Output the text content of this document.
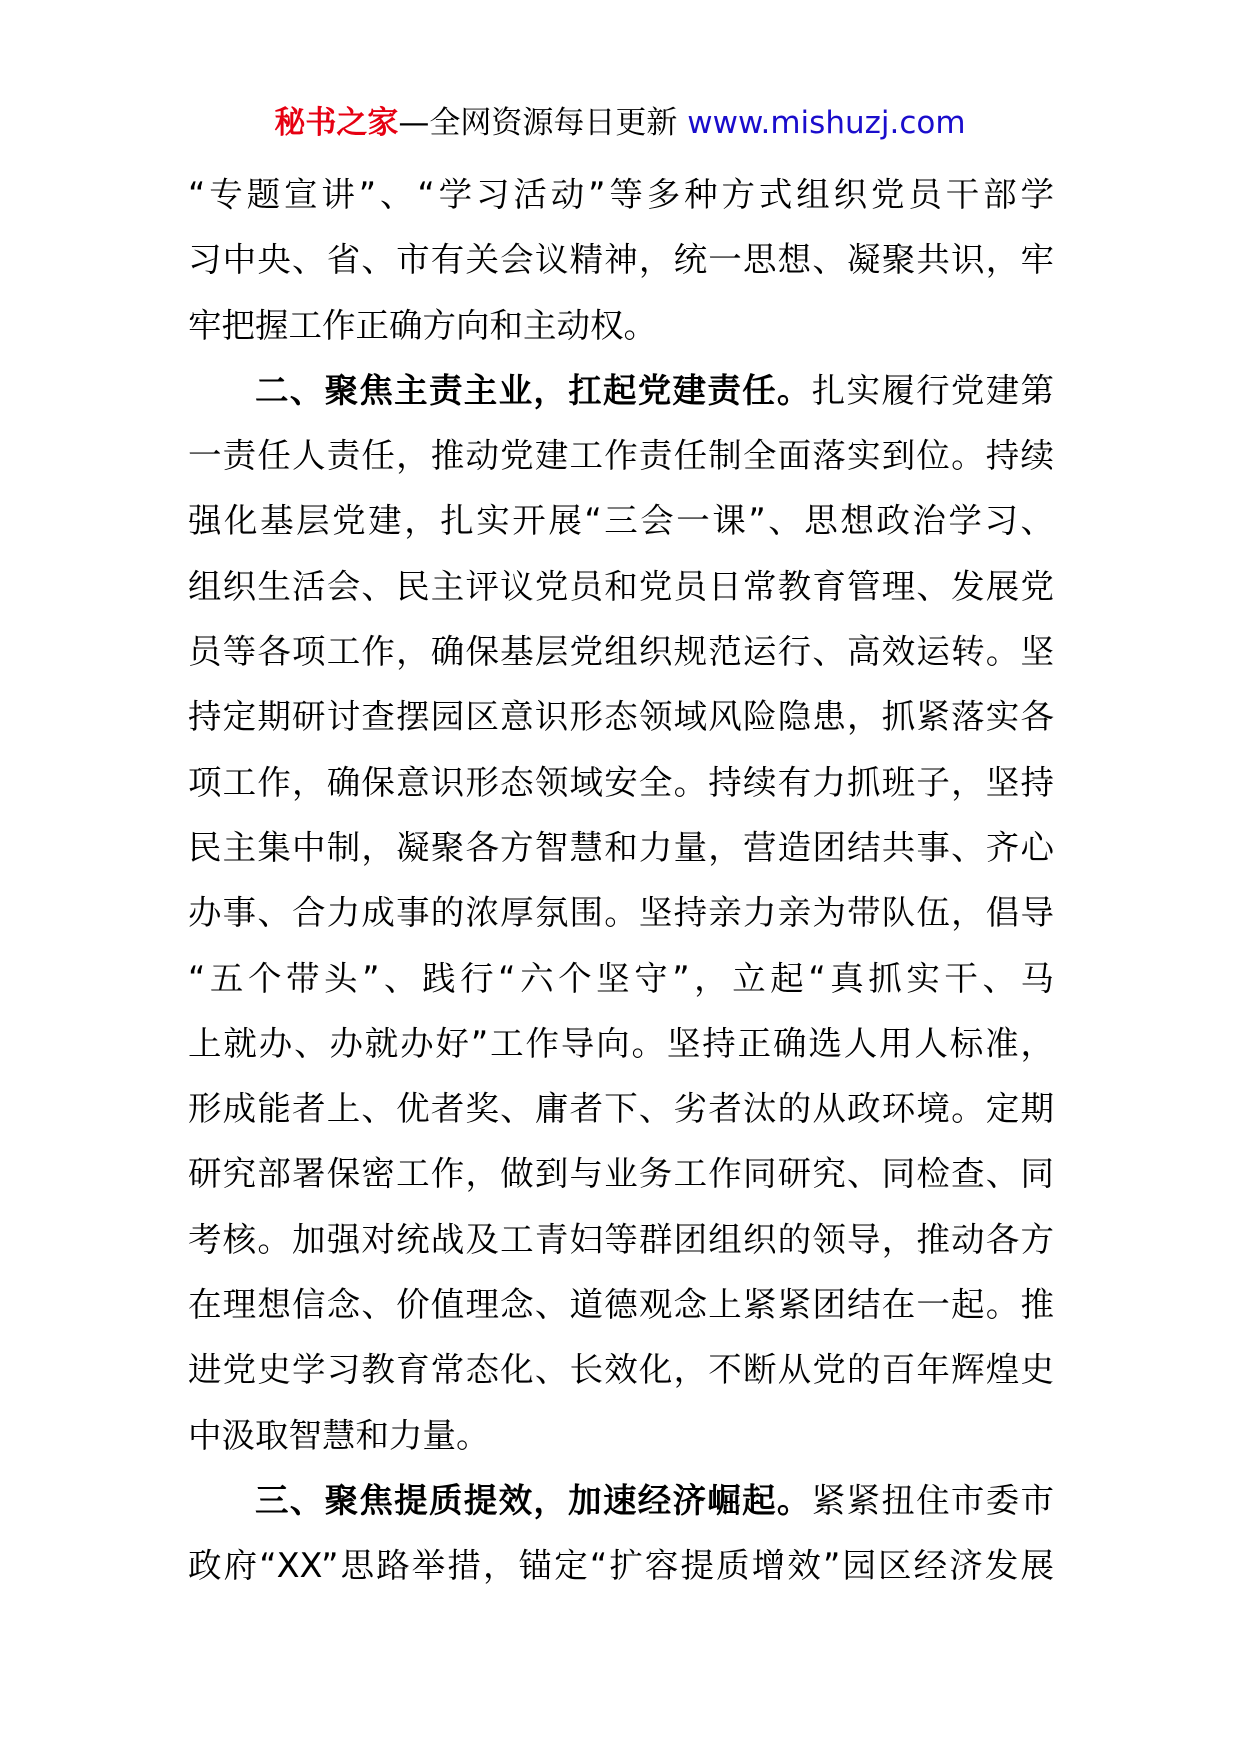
秘书之家—全网资源每日更新 www.mishuzj.com
“专题宣讲”、“学习活动”等多种方式组织党员干部学
习中央、省、市有关会议精神，统一思想、凝聚共识，牢
牢把握工作正确方向和主动权。
二、聚焦主责主业，扛起党建责任。扎实履行党建第
一责任人责任，推动党建工作责任制全面落实到位。持续
强化基层党建，扎实开展“三会一课”、思想政治学习、
组织生活会、民主评议党员和党员日常教育管理、发展党
员等各项工作，确保基层党组织规范运行、高效运转。坚
持定期研讨查摆园区意识形态领域风险隐患，抓紧落实各
项工作，确保意识形态领域安全。持续有力抓班子，坚持
民主集中制，凝聚各方智慧和力量，营造团结共事、齐心
办事、合力成事的浓厚氛围。坚持亲力亲为带队伍，倡导
“五个带头”、践行“六个坚守”，立起“真抓实干、马
上就办、办就办好”工作导向。坚持正确选人用人标准，
形成能者上、优者奖、庸者下、劣者汰的从政环境。定期
研究部署保密工作，做到与业务工作同研究、同检查、同
考核。加强对统战及工青妇等群团组织的领导，推动各方
在理想信念、价值理念、道德观念上紧紧团结在一起。推
进党史学习教育常态化、长效化，不断从党的百年辉煌史
中汲取智慧和力量。
三、聚焦提质提效，加速经济崛起。紧紧扭住市委市
政府“XX”思路举措，锚定“扩容提质增效”园区经济发展
